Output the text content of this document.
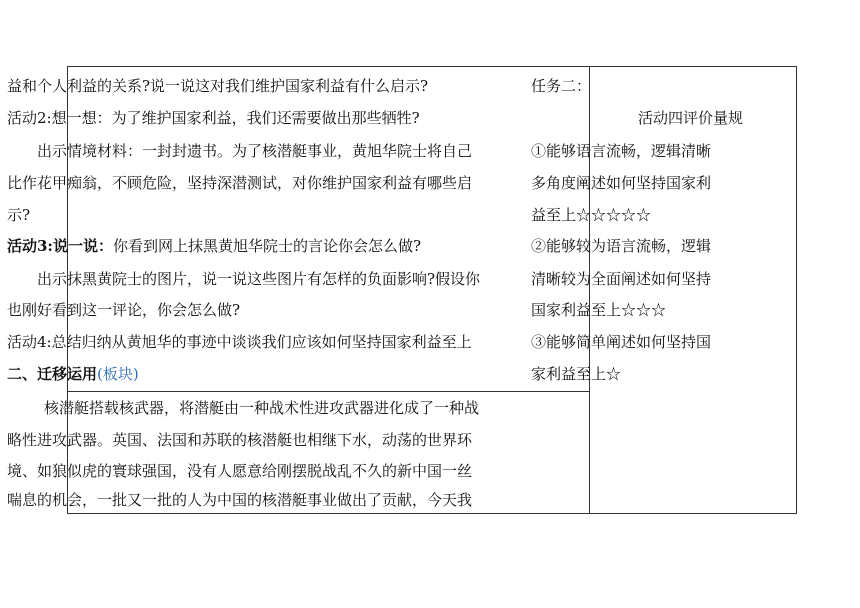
益和个人利益的关系?说一说这对我们维护国家利益有什么启示?
活动2:想一想：为了维护国家利益，我们还需要做出那些牺牲?
出示情境材料：一封封遗书。为了核潜艇事业，黄旭华院士将自己
比作花甲痴翁，不顾危险，坚持深潜测试，对你维护国家利益有哪些启
示?
活动3:说一说：你看到网上抹黑黄旭华院士的言论你会怎么做?
出示抹黑黄院士的图片，说一说这些图片有怎样的负面影响?假设你
也刚好看到这一评论，你会怎么做?
活动4:总结归纳从黄旭华的事迹中谈谈我们应该如何坚持国家利益至上
二、迁移运用(板块)
核潜艇搭载核武器，将潜艇由一种战术性进攻武器进化成了一种战
略性进攻武器。英国、法国和苏联的核潜艇也相继下水，动荡的世界环
境、如狼似虎的寰球强国，没有人愿意给刚摆脱战乱不久的新中国一丝
喘息的机会，一批又一批的人为中国的核潜艇事业做出了贡献，今天我
任务二：
活动四评价量规
①能够语言流畅，逻辑清晰
多角度阐述如何坚持国家利
益至上☆☆☆☆☆
②能够较为语言流畅，逻辑
清晰较为全面阐述如何坚持
国家利益至上☆☆☆
③能够简单阐述如何坚持国
家利益至上☆
